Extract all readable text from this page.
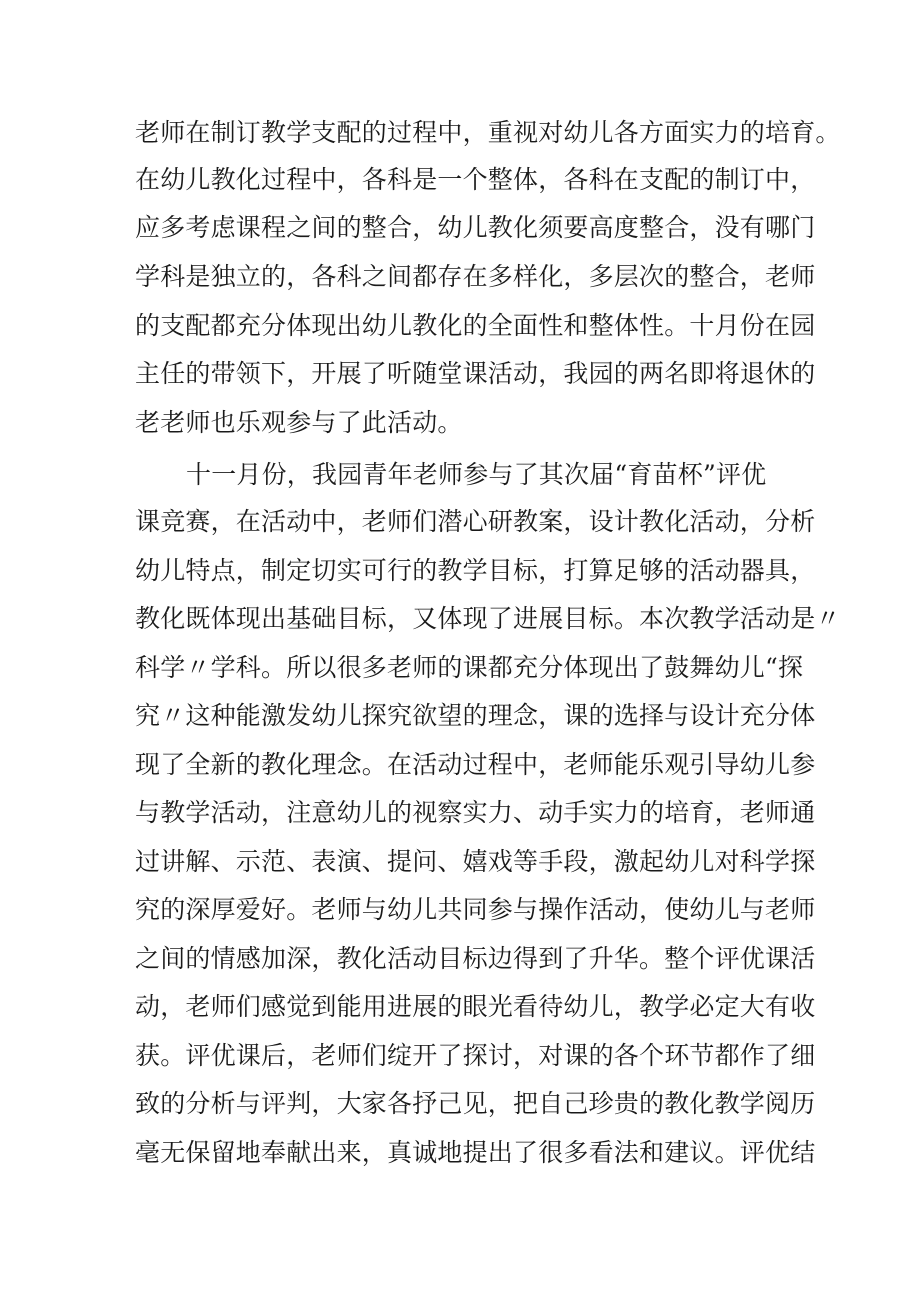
老师在制订教学支配的过程中，重视对幼儿各方面实力的培育。
在幼儿教化过程中，各科是一个整体，各科在支配的制订中，
应多考虑课程之间的整合，幼儿教化须要高度整合，没有哪门
学科是独立的，各科之间都存在多样化，多层次的整合，老师
的支配都充分体现出幼儿教化的全面性和整体性。十月份在园
主任的带领下，开展了听随堂课活动，我园的两名即将退休的
老老师也乐观参与了此活动。
十一月份，我园青年老师参与了其次届“育苗杯”评优
课竞赛，在活动中，老师们潜心研教案，设计教化活动，分析
幼儿特点，制定切实可行的教学目标，打算足够的活动器具，
教化既体现出基础目标，又体现了进展目标。本次教学活动是〃
科学〃学科。所以很多老师的课都充分体现出了鼓舞幼儿“探
究〃这种能激发幼儿探究欲望的理念，课的选择与设计充分体
现了全新的教化理念。在活动过程中，老师能乐观引导幼儿参
与教学活动，注意幼儿的视察实力、动手实力的培育，老师通
过讲解、示范、表演、提问、嬉戏等手段，激起幼儿对科学探
究的深厚爱好。老师与幼儿共同参与操作活动，使幼儿与老师
之间的情感加深，教化活动目标边得到了升华。整个评优课活
动，老师们感觉到能用进展的眼光看待幼儿，教学必定大有收
获。评优课后，老师们绽开了探讨，对课的各个环节都作了细
致的分析与评判，大家各抒己见，把自己珍贵的教化教学阅历
毫无保留地奉献出来，真诚地提出了很多看法和建议。评优结
